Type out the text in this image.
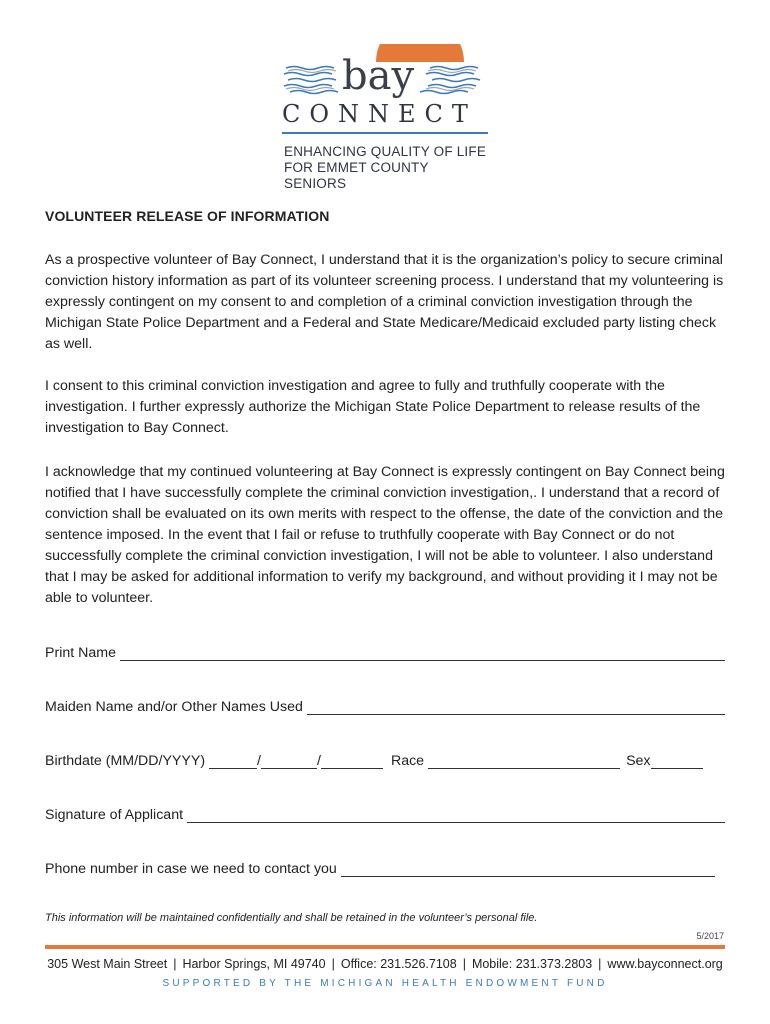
bay
CONNECT
ENHANCING QUALITY OF LIFE
FOR EMMET COUNTY SENIORS
VOLUNTEER RELEASE OF INFORMATION
As a prospective volunteer of Bay Connect, I understand that it is the organization’s policy to secure criminal conviction history information as part of its volunteer screening process. I understand that my volunteering is expressly contingent on my consent to and completion of a criminal conviction investigation through the Michigan State Police Department and a Federal and State Medicare/Medicaid excluded party listing check as well.
I consent to this criminal conviction investigation and agree to fully and truthfully cooperate with the investigation. I further expressly authorize the Michigan State Police Department to release results of the investigation to Bay Connect.
I acknowledge that my continued volunteering at Bay Connect is expressly contingent on Bay Connect being notified that I have successfully complete the criminal conviction investigation,. I understand that a record of conviction shall be evaluated on its own merits with respect to the offense, the date of the conviction and the sentence imposed. In the event that I fail or refuse to truthfully cooperate with Bay Connect or do not successfully complete the criminal conviction investigation, I will not be able to volunteer. I also understand that I may be asked for additional information to verify my background, and without providing it I may not be able to volunteer.
Print Name
Maiden Name and/or Other Names Used
Birthdate (MM/DD/YYYY)	/	/	Race	Sex
Signature of Applicant
Phone number in case we need to contact you
This information will be maintained confidentially and shall be retained in the volunteer’s personal file.
5/2017
305 West Main Street | Harbor Springs, MI 49740 | Office: 231.526.7108 | Mobile: 231.373.2803 | www.bayconnect.org
SUPPORTED BY THE MICHIGAN HEALTH ENDOWMENT FUND
